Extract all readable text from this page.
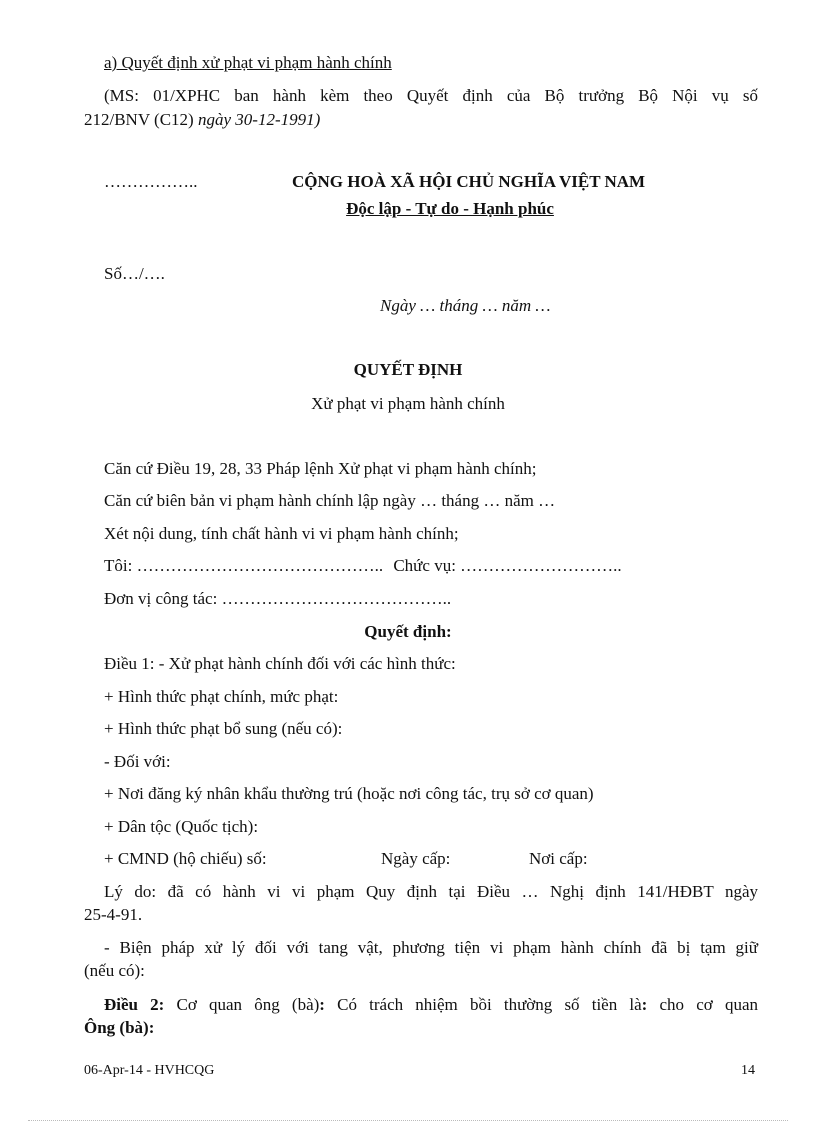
a) Quyết định xử phạt vi phạm hành chính
(MS: 01/XPHC ban hành kèm theo Quyết định của Bộ trưởng Bộ Nội vụ số
212/BNV (C12) ngày 30-12-1991)
……………..	CỘNG HOÀ XÃ HỘI CHỦ NGHĨA VIỆT NAM
Độc lập - Tự do - Hạnh phúc
Số…/….
Ngày … tháng … năm …
QUYẾT ĐỊNH
Xử phạt vi phạm hành chính
Căn cứ Điều 19, 28, 33 Pháp lệnh Xử phạt vi phạm hành chính;
Căn cứ biên bản vi phạm hành chính lập ngày … tháng … năm …
Xét nội dung, tính chất hành vi vi phạm hành chính;
Tôi: …………………………………….. Chức vụ: ………………………..
Đơn vị công tác: …………………………………..
Quyết định:
Điều 1: - Xử phạt hành chính đối với các hình thức:
+ Hình thức phạt chính, mức phạt:
+ Hình thức phạt bổ sung (nếu có):
- Đối với:
+ Nơi đăng ký nhân khẩu thường trú (hoặc nơi công tác, trụ sở cơ quan)
+ Dân tộc (Quốc tịch):
+ CMND (hộ chiếu) số:	Ngày cấp:	Nơi cấp:
Lý do: đã có hành vi vi phạm Quy định tại Điều … Nghị định 141/HĐBT ngày
25-4-91.
- Biện pháp xử lý đối với tang vật, phương tiện vi phạm hành chính đã bị tạm giữ
(nếu có):
Điều 2: Cơ quan ông (bà): Có trách nhiệm bồi thường số tiền là: cho cơ quan
Ông (bà):
06-Apr-14 - HVHCQG	14
